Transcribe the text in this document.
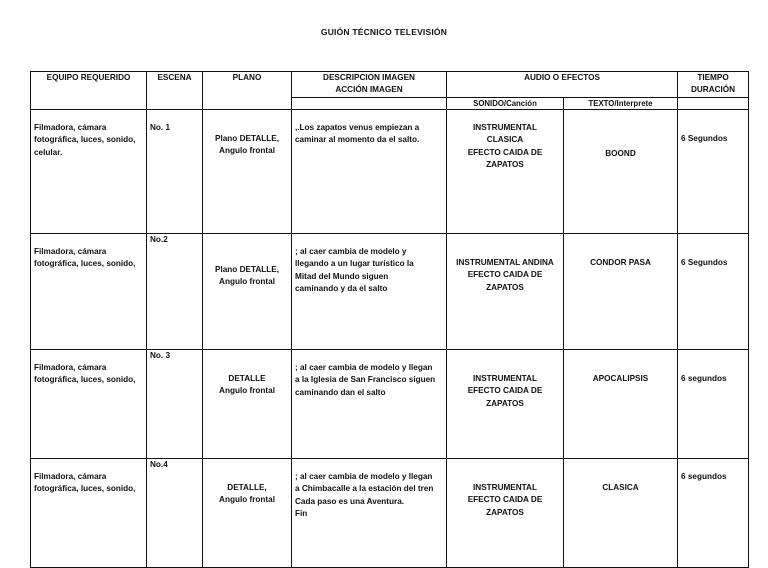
GUIÓN TÉCNICO TELEVISIÓN
EQUIPO REQUERIDO	ESCENA	PLANO	DESCRIPCION IMAGEN
ACCIÓN IMAGEN	AUDIO O EFECTOS		TIEMPO
DURACIÓN
				SONIDO/Canción	TEXTO/Interprete	
Filmadora, cámara
fotográfica, luces, sonido,
celular.	No. 1	Plano DETALLE,
Angulo frontal	,.Los zapatos venus empiezan a
caminar al momento da el salto.	INSTRUMENTAL
CLASICA
EFECTO CAIDA DE
ZAPATOS	BOOND	6 Segundos
Filmadora, cámara
fotográfica, luces, sonido,	No.2	Plano DETALLE,
Angulo frontal	; al caer cambia de modelo y
llegando a un lugar turístico la
Mitad del Mundo siguen
caminando y da el salto	INSTRUMENTAL ANDINA
EFECTO CAIDA DE
ZAPATOS	CONDOR PASA	6 Segundos
Filmadora, cámara
fotográfica, luces, sonido,	No. 3	DETALLE
Angulo frontal	; al caer cambia de modelo y llegan
a la Iglesia de San Francisco siguen
caminando dan el salto	INSTRUMENTAL
EFECTO CAIDA DE
ZAPATOS	APOCALIPSIS	6 segundos
Filmadora, cámara
fotográfica, luces, sonido,	No.4	DETALLE,
Angulo frontal	; al caer cambia de modelo y llegan
a Chimbacalle a la estación del tren
Cada paso es una Aventura.
Fin	INSTRUMENTAL
EFECTO CAIDA DE
ZAPATOS	CLASICA	6 segundos
